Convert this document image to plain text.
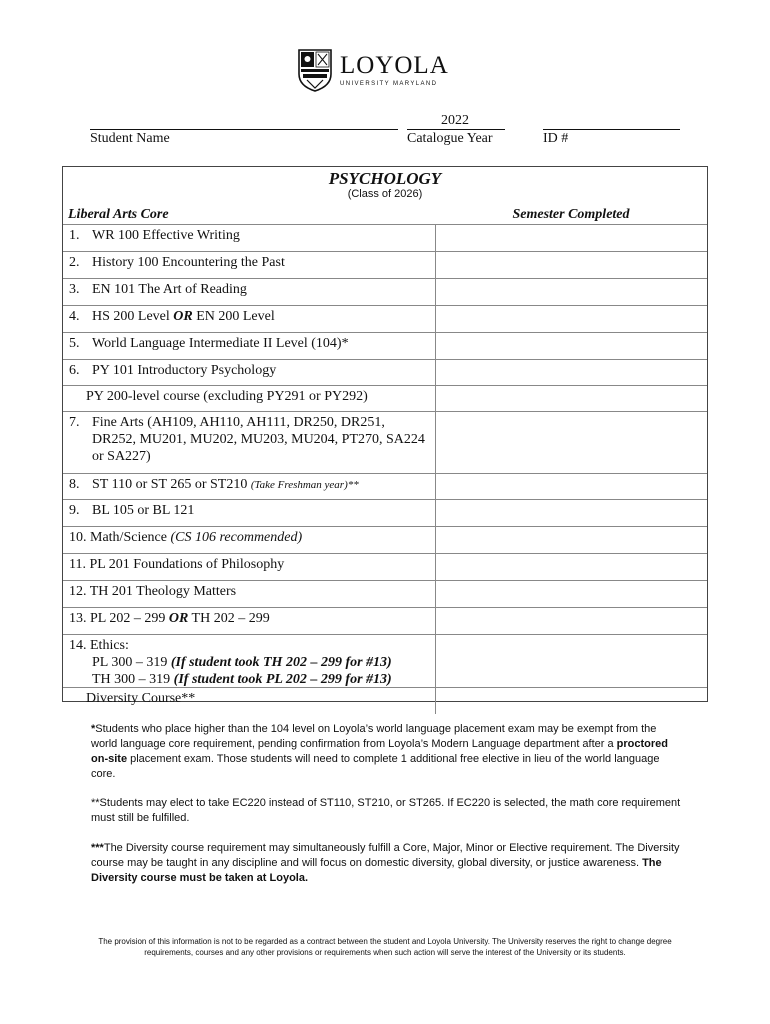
LOYOLA
UNIVERSITY MARYLAND
Student Name
2022
Catalogue Year	ID #
PSYCHOLOGY
(Class of 2026)
Liberal Arts Core	Semester Completed
1. WR 100 Effective Writing
2. History 100 Encountering the Past
3. EN 101 The Art of Reading
4. HS 200 Level OR EN 200 Level
5. World Language Intermediate II Level (104)*
6. PY 101 Introductory Psychology
PY 200-level course (excluding PY291 or PY292)
7. Fine Arts (AH109, AH110, AH111, DR250, DR251, DR252, MU201, MU202, MU203, MU204, PT270, SA224 or SA227)
8. ST 110 or ST 265 or ST210 (Take Freshman year)**
9. BL 105 or BL 121
10. Math/Science (CS 106 recommended)
11. PL 201 Foundations of Philosophy
12. TH 201 Theology Matters
13. PL 202 – 299 OR TH 202 – 299
14. Ethics:
PL 300 – 319 (If student took TH 202 – 299 for #13)
TH 300 – 319 (If student took PL 202 – 299 for #13)
Diversity Course**
*Students who place higher than the 104 level on Loyola’s world language placement exam may be exempt from the world language core requirement, pending confirmation from Loyola’s Modern Language department after a proctored on-site placement exam. Those students will need to complete 1 additional free elective in lieu of the world language core.
**Students may elect to take EC220 instead of ST110, ST210, or ST265. If EC220 is selected, the math core requirement must still be fulfilled.
***The Diversity course requirement may simultaneously fulfill a Core, Major, Minor or Elective requirement. The Diversity course may be taught in any discipline and will focus on domestic diversity, global diversity, or justice awareness. The Diversity course must be taken at Loyola.
The provision of this information is not to be regarded as a contract between the student and Loyola University. The University reserves the right to change degree requirements, courses and any other provisions or requirements when such action will serve the interest of the University or its students.
